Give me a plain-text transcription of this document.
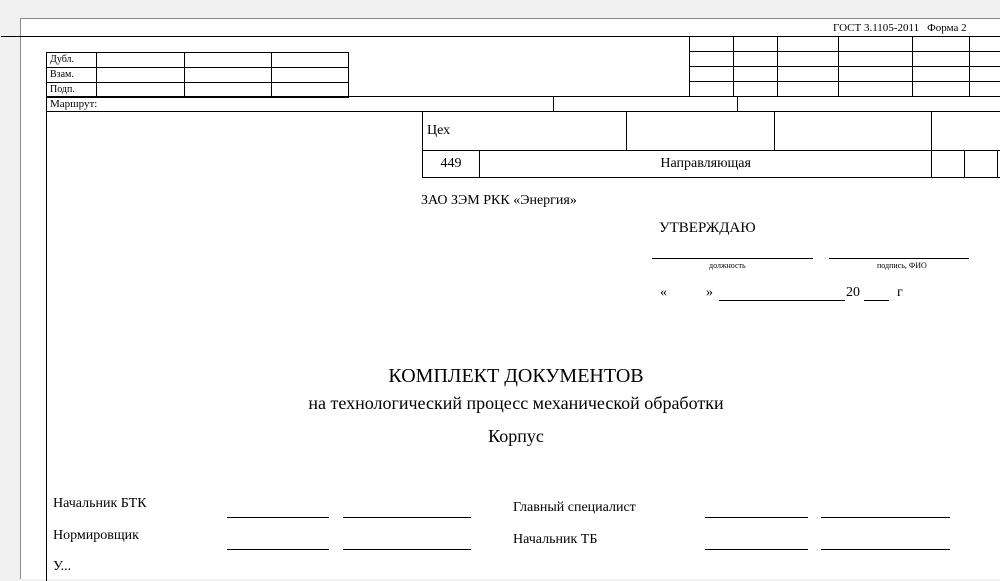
ГОСТ 3.1105-2011 Форма 2
Дубл.			
Взам.			
Подп.			

Маршрут:		
Цех						
449	Направляющая					
ЗАО ЗЭМ РКК «Энергия»
УТВЕРЖДАЮ
должность	подпись, ФИО
«	»	20	г
КОМПЛЕКТ ДОКУМЕНТОВ
на технологический процесс механической обработки
Корпус
Начальник БТК
Нормировщик
У...
Главный специалист
Начальник ТБ
